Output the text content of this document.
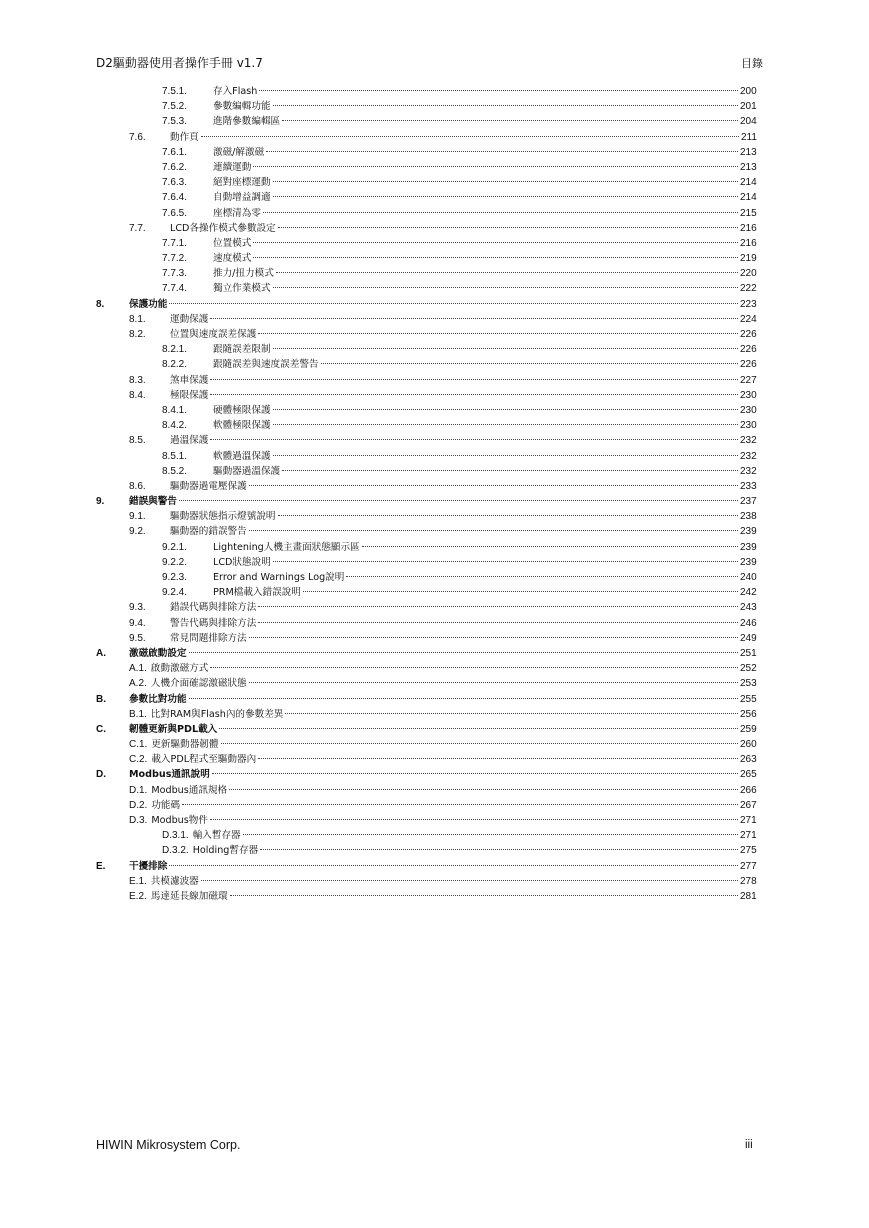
D2驅動器使用者操作手冊 v1.7	目錄
7.5.1.	存入Flash	200
7.5.2.	參數編輯功能	201
7.5.3.	進階參數編輯區	204
7.6.	動作頁	211
7.6.1.	激磁/解激磁	213
7.6.2.	連續運動	213
7.6.3.	絕對座標運動	214
7.6.4.	自動增益調適	214
7.6.5.	座標清為零	215
7.7.	LCD各操作模式參數設定	216
7.7.1.	位置模式	216
7.7.2.	速度模式	219
7.7.3.	推力/扭力模式	220
7.7.4.	獨立作業模式	222
8.	保護功能	223
8.1.	運動保護	224
8.2.	位置與速度誤差保護	226
8.2.1.	跟隨誤差限制	226
8.2.2.	跟隨誤差與速度誤差警告	226
8.3.	煞車保護	227
8.4.	極限保護	230
8.4.1.	硬體極限保護	230
8.4.2.	軟體極限保護	230
8.5.	過溫保護	232
8.5.1.	軟體過溫保護	232
8.5.2.	驅動器過溫保護	232
8.6.	驅動器過電壓保護	233
9.	錯誤與警告	237
9.1.	驅動器狀態指示燈號說明	238
9.2.	驅動器的錯誤警告	239
9.2.1.	Lightening人機主畫面狀態顯示區	239
9.2.2.	LCD狀態說明	239
9.2.3.	Error and Warnings Log說明	240
9.2.4.	PRM檔載入錯誤說明	242
9.3.	錯誤代碼與排除方法	243
9.4.	警告代碼與排除方法	246
9.5.	常見問題排除方法	249
A. 激磁啟動設定	251
A.1. 啟動激磁方式	252
A.2. 人機介面確認激磁狀態	253
B. 參數比對功能	255
B.1. 比對RAM與Flash內的參數差異	256
C. 韌體更新與PDL載入	259
C.1. 更新驅動器韌體	260
C.2. 載入PDL程式至驅動器內	263
D. Modbus通訊說明	265
D.1. Modbus通訊規格	266
D.2. 功能碼	267
D.3. Modbus物件	271
D.3.1. 輸入暫存器	271
D.3.2. Holding暫存器	275
E. 干擾排除	277
E.1. 共模濾波器	278
E.2. 馬達延長線加磁環	281
HIWIN Mikrosystem Corp.	iii
